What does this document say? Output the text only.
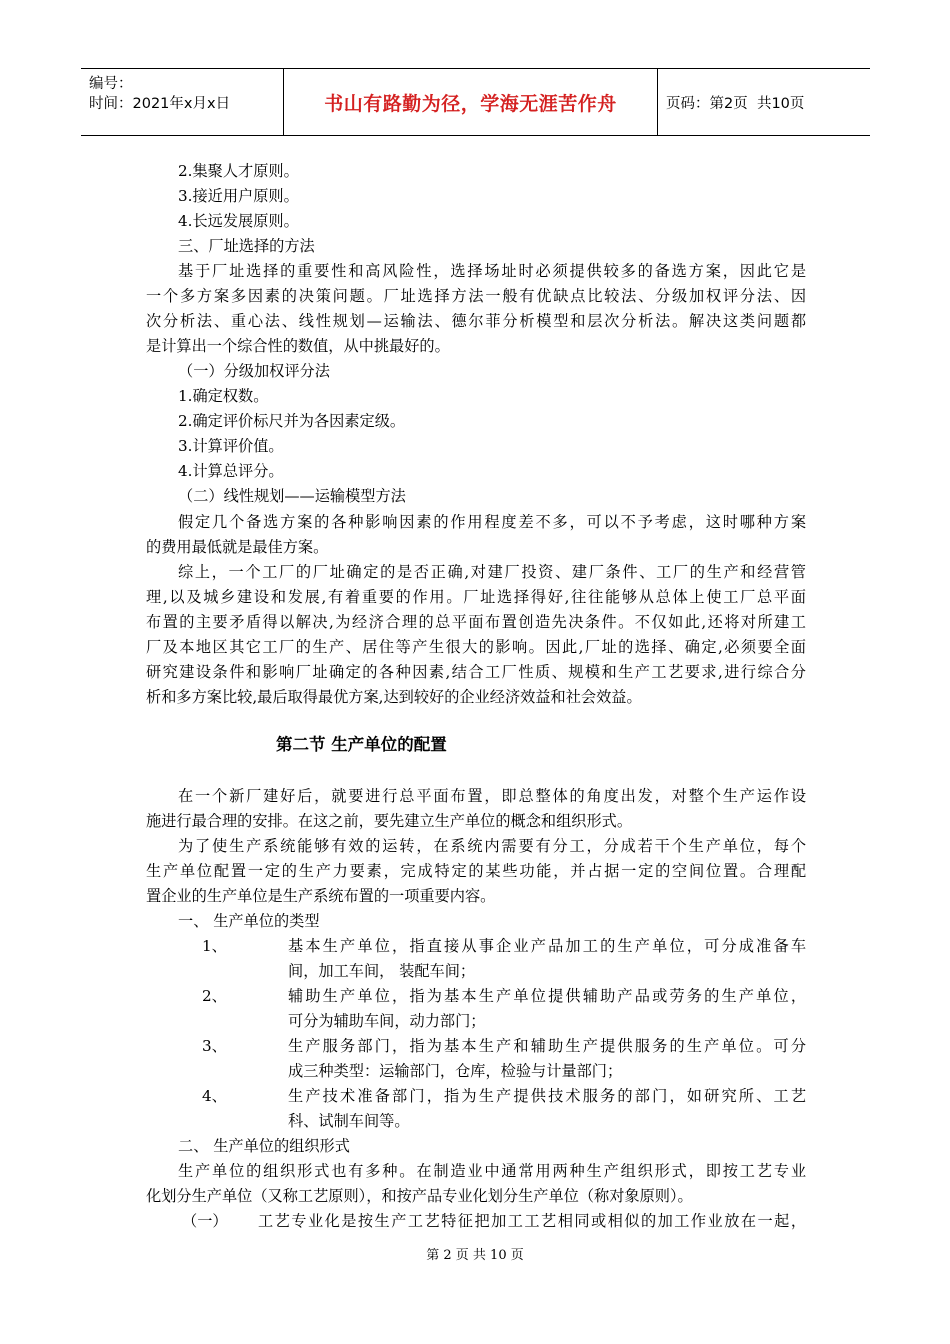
编号：
时间：2021年x月x日	书山有路勤为径，学海无涯苦作舟	页码：第2页  共10页
2.集聚人才原则。
3.接近用户原则。
4.长远发展原则。
三、厂址选择的方法
基于厂址选择的重要性和高风险性，选择场址时必须提供较多的备选方案，因此它是
一个多方案多因素的决策问题。厂址选择方法一般有优缺点比较法、分级加权评分法、因
次分析法、重心法、线性规划—运输法、德尔菲分析模型和层次分析法。解决这类问题都
是计算出一个综合性的数值，从中挑最好的。
（一）分级加权评分法
1.确定权数。
2.确定评价标尺并为各因素定级。
3.计算评价值。
4.计算总评分。
（二）线性规划——运输模型方法
假定几个备选方案的各种影响因素的作用程度差不多，可以不予考虑，这时哪种方案
的费用最低就是最佳方案。
综上，一个工厂的厂址确定的是否正确,对建厂投资、建厂条件、工厂的生产和经营管
理,以及城乡建设和发展,有着重要的作用。厂址选择得好,往往能够从总体上使工厂总平面
布置的主要矛盾得以解决,为经济合理的总平面布置创造先决条件。不仅如此,还将对所建工
厂及本地区其它工厂的生产、居住等产生很大的影响。因此,厂址的选择、确定,必须要全面
研究建设条件和影响厂址确定的各种因素,结合工厂性质、规模和生产工艺要求,进行综合分
析和多方案比较,最后取得最优方案,达到较好的企业经济效益和社会效益。
第二节 生产单位的配置
在一个新厂建好后，就要进行总平面布置，即总整体的角度出发，对整个生产运作设
施进行最合理的安排。在这之前，要先建立生产单位的概念和组织形式。
为了使生产系统能够有效的运转，在系统内需要有分工，分成若干个生产单位，每个
生产单位配置一定的生产力要素，完成特定的某些功能，并占据一定的空间位置。合理配
置企业的生产单位是生产系统布置的一项重要内容。
一、 生产单位的类型
1、	基本生产单位，指直接从事企业产品加工的生产单位，可分成准备车
间，加工车间， 装配车间；
2、	辅助生产单位，指为基本生产单位提供辅助产品或劳务的生产单位，
可分为辅助车间，动力部门；
3、	生产服务部门，指为基本生产和辅助生产提供服务的生产单位。可分
成三种类型：运输部门，仓库，检验与计量部门；
4、	生产技术准备部门，指为生产提供技术服务的部门，如研究所、工艺
科、试制车间等。
二、 生产单位的组织形式
生产单位的组织形式也有多种。在制造业中通常用两种生产组织形式，即按工艺专业
化划分生产单位（又称工艺原则），和按产品专业化划分生产单位（称对象原则）。
（一） 工艺专业化是按生产工艺特征把加工工艺相同或相似的加工作业放在一起，
第 2 页 共 10 页
